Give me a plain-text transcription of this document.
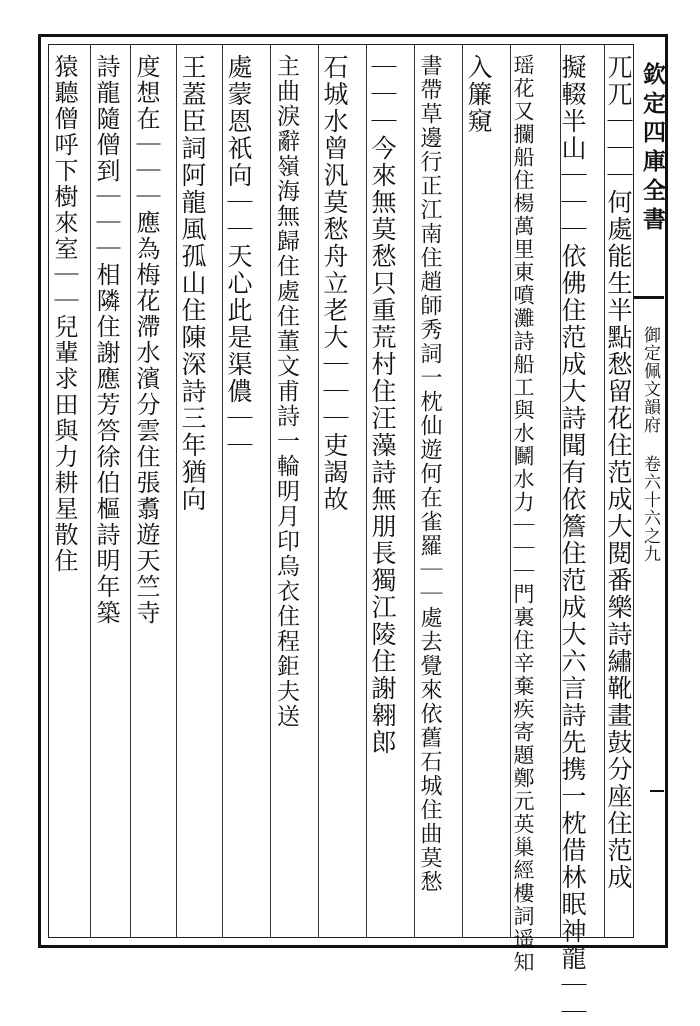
欽定四庫全書
御定佩文韻府 卷六十六之九
兀兀｜｜｜何處能生半點愁留花住范成大閱番樂詩繡靴畫鼓分座住范成
擬輟半山｜｜｜依佛住范成大詩聞有依簷住范成大六言詩先携一枕借林眠神龍｜｜
瑶花又攔船住楊萬里東噴灘詩船工與水鬭水力｜｜｜門裏住辛棄疾寄題鄭元英巢經樓詞遥知
入簾窺
書帶草邊行正江南住趙師秀詞一枕仙遊何在雀羅｜｜處去覺來依舊石城住曲莫愁
｜｜｜今來無莫愁只重荒村住汪藻詩無朋長獨江陵住謝翱郎
石城水曾汎莫愁舟立老大｜｜｜吏謁故
主曲淚辭嶺海無歸住處住董文甫詩一輪明月印烏衣住程鉅夫送
處蒙恩祇向｜｜天心此是渠儂｜｜
王蓋臣詞阿龍風孤山住陳深詩三年猶向
度想在｜｜｜應為梅花滯水濱分雲住張翥遊天竺寺
詩龍隨僧到｜｜｜相隣住謝應芳答徐伯樞詩明年築
猿聽僧呼下樹來室｜｜兒輩求田與力耕星散住
